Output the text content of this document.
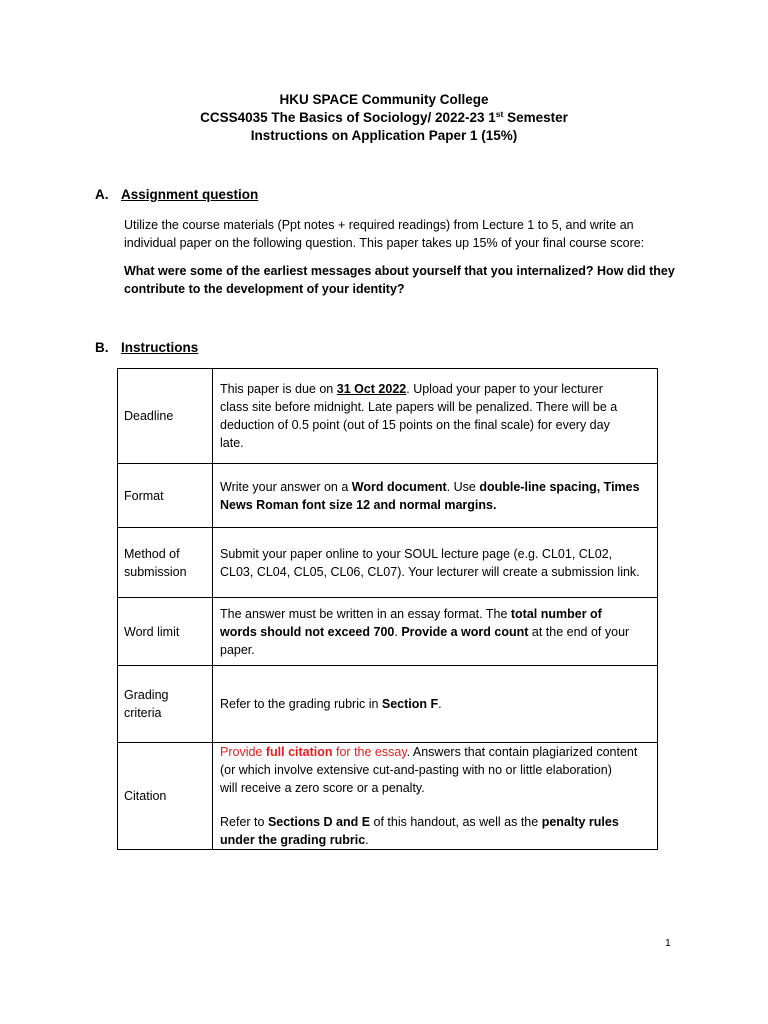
HKU SPACE Community College
CCSS4035 The Basics of Sociology/ 2022-23 1st Semester
Instructions on Application Paper 1 (15%)
A. Assignment question
Utilize the course materials (Ppt notes + required readings) from Lecture 1 to 5, and write an
individual paper on the following question. This paper takes up 15% of your final course score:
What were some of the earliest messages about yourself that you internalized? How did they
contribute to the development of your identity?
B. Instructions
Deadline	This paper is due on 31 Oct 2022. Upload your paper to your lecturer
class site before midnight. Late papers will be penalized. There will be a
deduction of 0.5 point (out of 15 points on the final scale) for every day
late.

Format	Write your answer on a Word document. Use double-line spacing, Times
News Roman font size 12 and normal margins.

Method of
submission	Submit your paper online to your SOUL lecture page (e.g. CL01, CL02,
CL03, CL04, CL05, CL06, CL07). Your lecturer will create a submission link.

Word limit	The answer must be written in an essay format. The total number of
words should not exceed 700. Provide a word count at the end of your
paper.

Grading
criteria	Refer to the grading rubric in Section F.

Citation	Provide full citation for the essay. Answers that contain plagiarized content
(or which involve extensive cut-and-pasting with no or little elaboration)
will receive a zero score or a penalty.
Refer to Sections D and E of this handout, as well as the penalty rules
under the grading rubric.
1
